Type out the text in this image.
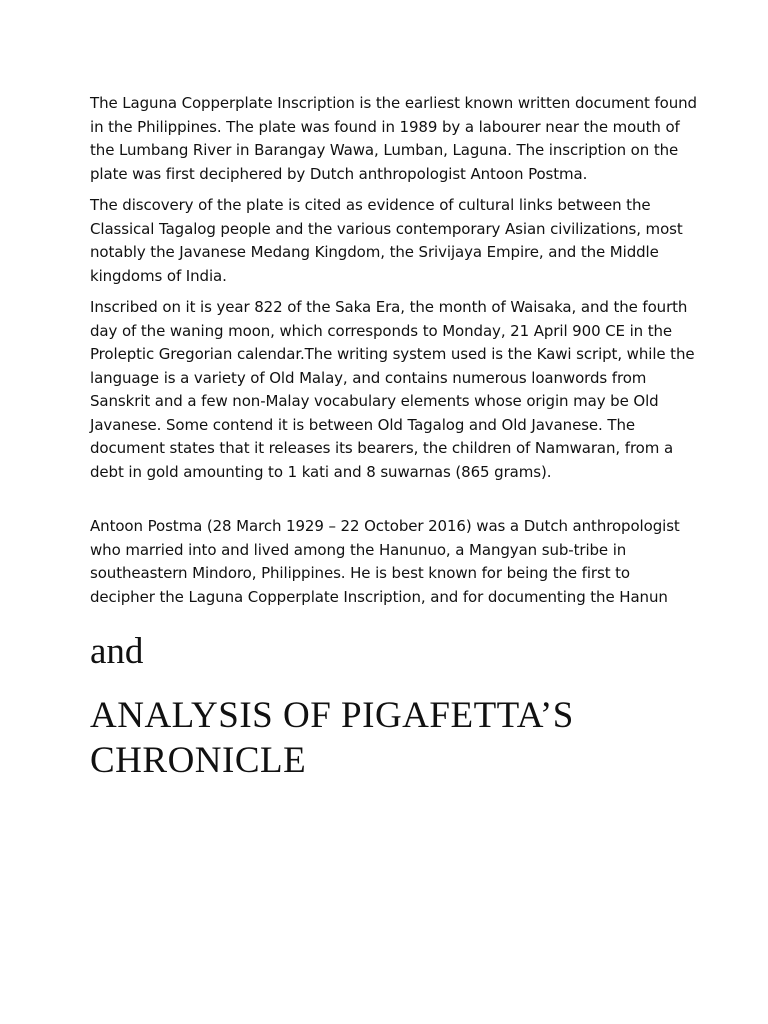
The Laguna Copperplate Inscription is the earliest known written document found in the Philippines. The plate was found in 1989 by a labourer near the mouth of the Lumbang River in Barangay Wawa, Lumban, Laguna. The inscription on the plate was first deciphered by Dutch anthropologist Antoon Postma.

The discovery of the plate is cited as evidence of cultural links between the Classical Tagalog people and the various contemporary Asian civilizations, most notably the Javanese Medang Kingdom, the Srivijaya Empire, and the Middle kingdoms of India.

Inscribed on it is year 822 of the Saka Era, the month of Waisaka, and the fourth day of the waning moon, which corresponds to Monday, 21 April 900 CE in the Proleptic Gregorian calendar.The writing system used is the Kawi script, while the language is a variety of Old Malay, and contains numerous loanwords from Sanskrit and a few non-Malay vocabulary elements whose origin may be Old Javanese. Some contend it is between Old Tagalog and Old Javanese. The document states that it releases its bearers, the children of Namwaran, from a debt in gold amounting to 1 kati and 8 suwarnas (865 grams).

Antoon Postma (28 March 1929 – 22 October 2016) was a Dutch anthropologist who married into and lived among the Hanunuo, a Mangyan sub-tribe in southeastern Mindoro, Philippines. He is best known for being the first to decipher the Laguna Copperplate Inscription, and for documenting the Hanun

and
ANALYSIS OF PIGAFETTA’S CHRONICLE
